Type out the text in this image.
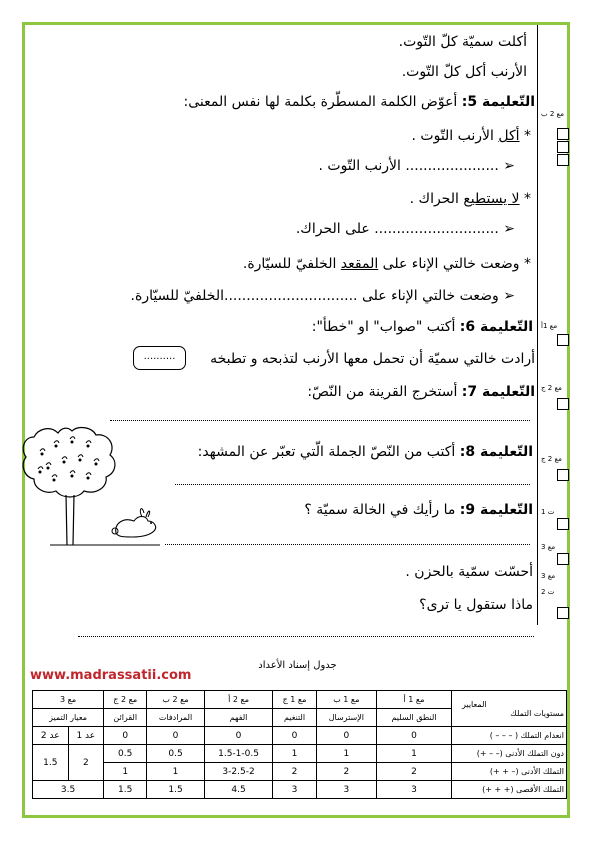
أكلت سميّة كلّ التّوت.
الأرنب أكل كلّ التّوت.
التّعليمة 5: أعوّض الكلمة المسطّرة بكلمة لها نفس المعنى:
* أكل الأرنب التّوت .
➢ ..................... الأرنب التّوت .
* لا يستطيع الحراك .
➢ ............................ على الحراك.
* وضعت خالتي الإناء على المقعد الخلفيّ للسيّارة.
➢ وضعت خالتي الإناء على ..............................الخلفيّ للسيّارة.
التّعليمة 6: أكتب "صواب" او "خطأ":
أرادت خالتي سميّة أن تحمل معها الأرنب لتذبحه و تطبخه
..........
التّعليمة 7: أستخرج القرينة من النّصّ:
التّعليمة 8: أكتب من النّصّ الجملة الّتي تعبّر عن المشهد:
التّعليمة 9: ما رأيك في الخالة سميّة ؟
أحسّت سمّية بالحزن .
ماذا ستقول يا ترى؟
مع 2 ب
مع 1أ
مع 2 ج
مع 2 ج
ت 1
مع 3
مع 3
ت 2
www.madrassatii.com
جدول إسناد الأعداد
المعايير
مستويات التملك	مع 1 أ	مع 1 ب	مع 1 ج	مع 2 أ	مع 2 ب	مع 2 ج	مع 3	
	النطق السليم	الإسترسال	التنغيم	الفهم	المرادفات	القرائن	معيار التميز	
انعدام التملك ( – – – )	0	0	0	0	0	0	عد 1	عد 2
دون التملك الأدنى (– – +)	1	1	1	1.5-1-0.5	0.5	0.5	2	1.5
التملك الأدنى (– + +)	2	2	2	3-2.5-2	1	1		
التملك الأقصى (+ + +)	3	3	3	4.5	1.5	1.5	3.5	
